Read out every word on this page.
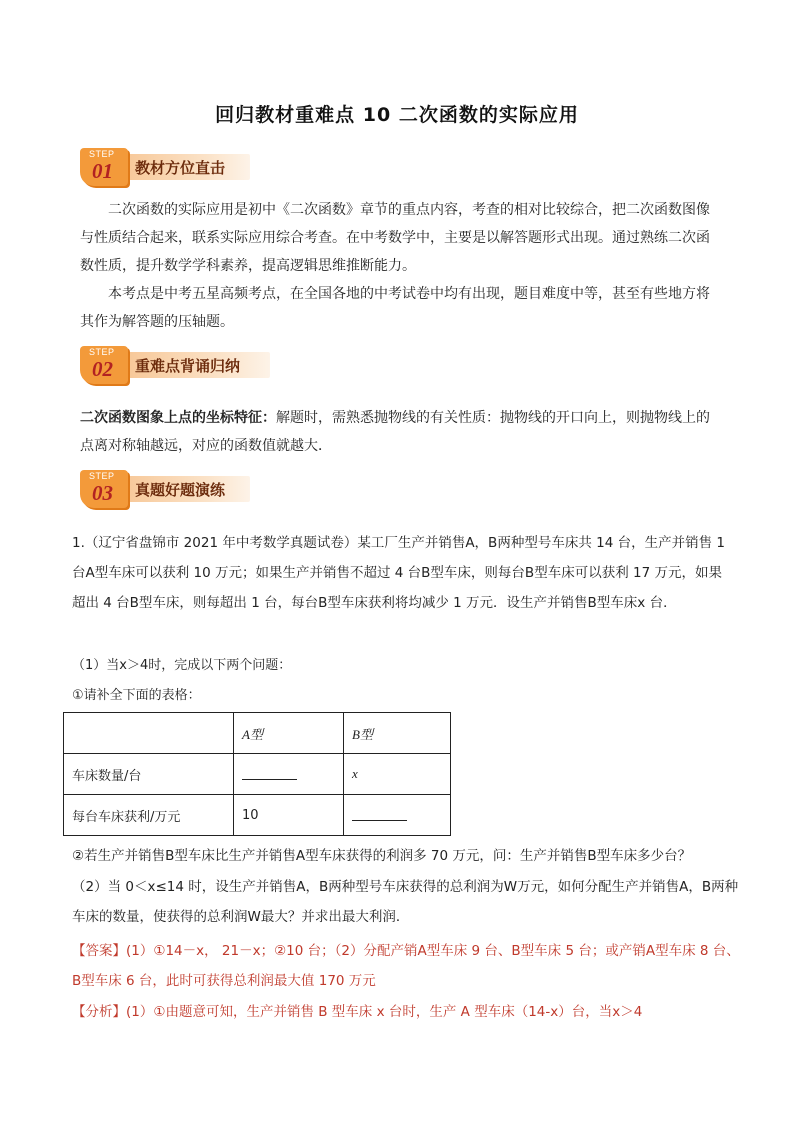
回归教材重难点 10 二次函数的实际应用
STEP
01 教材方位直击
二次函数的实际应用是初中《二次函数》章节的重点内容，考查的相对比较综合，把二次函数图像与性质结合起来，联系实际应用综合考查。在中考数学中，主要是以解答题形式出现。通过熟练二次函数性质，提升数学学科素养，提高逻辑思维推断能力。
本考点是中考五星高频考点，在全国各地的中考试卷中均有出现，题目难度中等，甚至有些地方将其作为解答题的压轴题。
STEP
02 重难点背诵归纳
二次函数图象上点的坐标特征：解题时，需熟悉抛物线的有关性质：抛物线的开口向上，则抛物线上的点离对称轴越远，对应的函数值就越大．
STEP
03 真题好题演练
1.（辽宁省盘锦市 2021 年中考数学真题试卷）某工厂生产并销售A，B两种型号车床共 14 台，生产并销售 1 台A型车床可以获利 10 万元；如果生产并销售不超过 4 台B型车床，则每台B型车床可以获利 17 万元，如果超出 4 台B型车床，则每超出 1 台，每台B型车床获利将均减少 1 万元．设生产并销售B型车床x 台．
（1）当x＞4时，完成以下两个问题：
①请补全下面的表格：
	A型	B型
车床数量/台		x
每台车床获利/万元	10	
②若生产并销售B型车床比生产并销售A型车床获得的利润多 70 万元，问：生产并销售B型车床多少台？
（2）当 0＜x≤14 时，设生产并销售A，B两种型号车床获得的总利润为W万元，如何分配生产并销售A，B两种车床的数量，使获得的总利润W最大？并求出最大利润．
【答案】(1）①14－x， 21－x；②10 台；（2）分配产销A型车床 9 台、B型车床 5 台；或产销A型车床 8 台、B型车床 6 台，此时可获得总利润最大值 170 万元
【分析】(1）①由题意可知，生产并销售 B 型车床 x 台时，生产 A 型车床（14-x）台，当x＞4
